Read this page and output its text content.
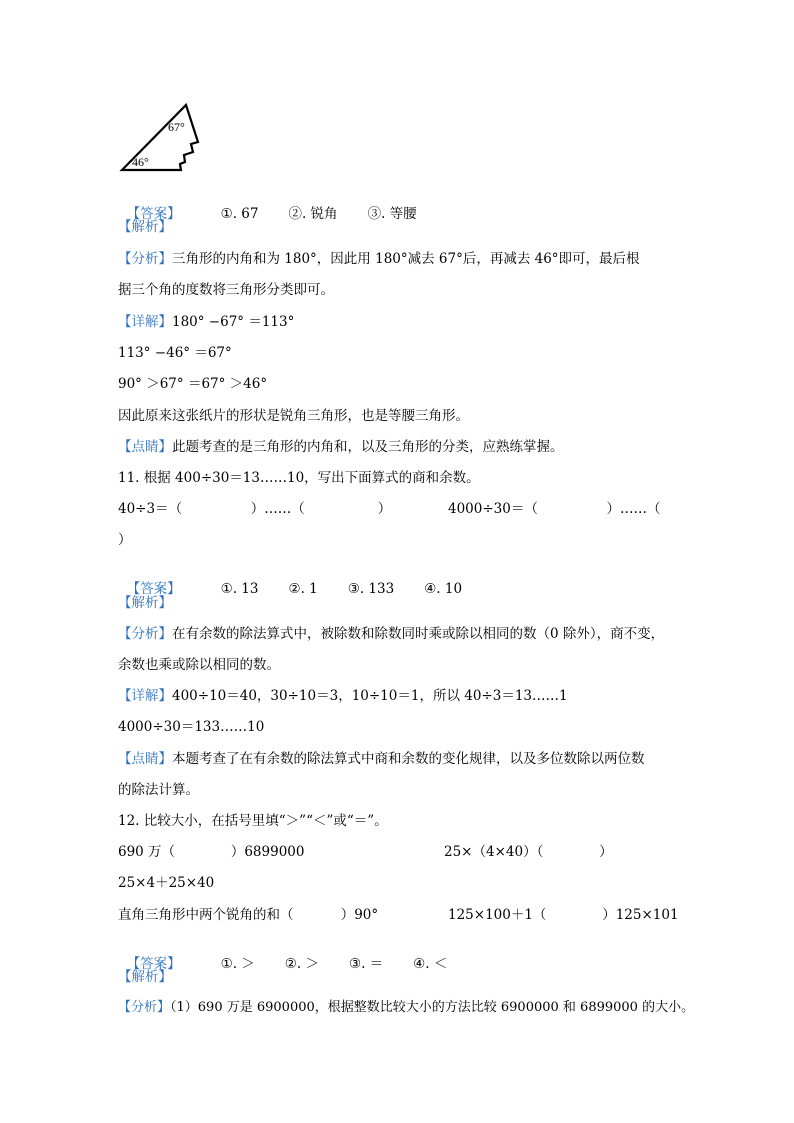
67°
46°

【答案】	①. 67 ②. 锐角 ③. 等腰

【解析】
【分析】三角形的内角和为 180°，因此用 180°减去 67°后，再减去 46°即可，最后根
据三个角的度数将三角形分类即可。
【详解】180° −67° ＝113°
113° −46° ＝67°
90° ＞67° ＝67° ＞46°
因此原来这张纸片的形状是锐角三角形，也是等腰三角形。
【点睛】此题考查的是三角形的内角和，以及三角形的分类，应熟练掌握。
11. 根据 400÷30＝13……10，写出下面算式的商和余数。
40÷3＝（                ）……（                 ）	4000÷30＝（                ）……（
）

【答案】	①. 13 ②. 1 ③. 133 ④. 10

【解析】
【分析】在有余数的除法算式中，被除数和除数同时乘或除以相同的数（0 除外），商不变，
余数也乘或除以相同的数。
【详解】400÷10＝40，30÷10＝3，10÷10＝1，所以 40÷3＝13……1
4000÷30＝133……10
【点睛】本题考查了在有余数的除法算式中商和余数的变化规律，以及多位数除以两位数
的除法计算。
12. 比较大小，在括号里填“＞”“＜”或“＝”。
690 万（             ）6899000	25×（4×40）（             ）
25×4＋25×40
直角三角形中两个锐角的和（           ）90°	125×100＋1（             ）125×101

【答案】	①. ＞ ②. ＞ ③. ＝ ④. ＜

【解析】
【分析】（1）690 万是 6900000，根据整数比较大小的方法比较 6900000 和 6899000 的大小。
